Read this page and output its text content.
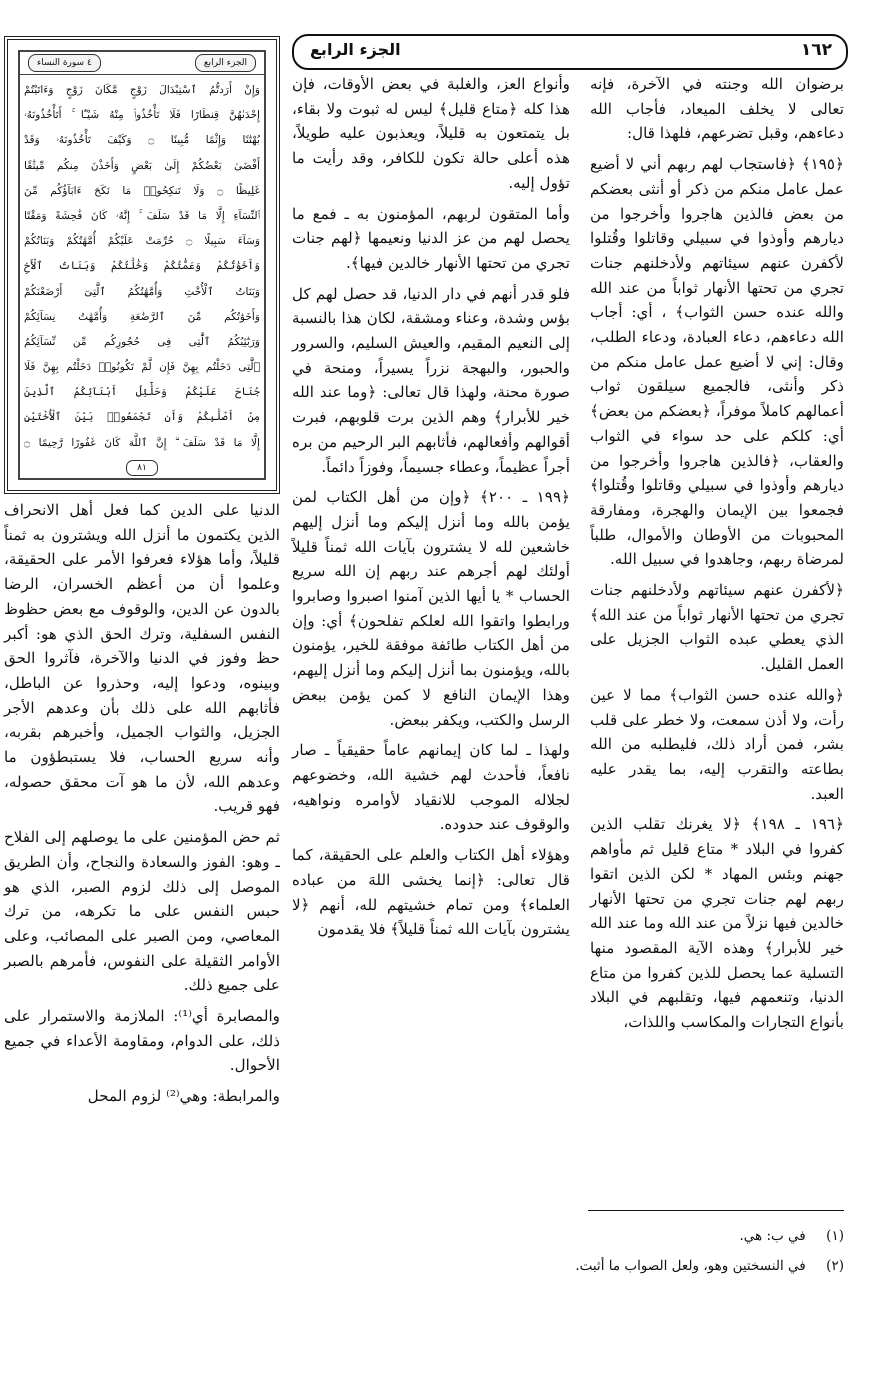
١٦٢
الجزء الرابع
الجزء الرابع
٤ سورة النساء
وَإِنْ أَرَدتُّمُ ٱسْتِبْدَالَ زَوْجٍ مَّكَانَ زَوْجٍ وَءَاتَيْتُمْ
إِحْدَىٰهُنَّ قِنطَارًا فَلَا تَأْخُذُوا۟ مِنْهُ شَيْـًٔا ۚ أَتَأْخُذُونَهُۥ
بُهْتَٰنًا وَإِثْمًا مُّبِينًا ۝ وَكَيْفَ تَأْخُذُونَهُۥ وَقَدْ
أَفْضَىٰ بَعْضُكُمْ إِلَىٰ بَعْضٍ وَأَخَذْنَ مِنكُم مِّيثَٰقًا
غَلِيظًا ۝ وَلَا تَنكِحُوا۟ مَا نَكَحَ ءَابَآؤُكُم مِّنَ
ٱلنِّسَآءِ إِلَّا مَا قَدْ سَلَفَ ۚ إِنَّهُۥ كَانَ فَٰحِشَةً وَمَقْتًا
وَسَآءَ سَبِيلًا ۝ حُرِّمَتْ عَلَيْكُمْ أُمَّهَٰتُكُمْ وَبَنَاتُكُمْ
وَأَخَوَٰتُكُمْ وَعَمَّٰتُكُمْ وَخَٰلَٰتُكُمْ وَبَنَاتُ ٱلْأَخِ
وَبَنَاتُ ٱلْأُخْتِ وَأُمَّهَٰتُكُمُ ٱلَّٰتِىٓ أَرْضَعْنَكُمْ
وَأَخَوَٰتُكُم مِّنَ ٱلرَّضَٰعَةِ وَأُمَّهَٰتُ نِسَآئِكُمْ
وَرَبَٰٓئِبُكُمُ ٱلَّٰتِى فِى حُجُورِكُم مِّن نِّسَآئِكُمُ
ٱلَّٰتِى دَخَلْتُم بِهِنَّ فَإِن لَّمْ تَكُونُوا۟ دَخَلْتُم بِهِنَّ فَلَا
جُنَاحَ عَلَيْكُمْ وَحَلَٰٓئِلُ أَبْنَآئِكُمُ ٱلَّذِينَ
مِنْ أَصْلَٰبِكُمْ وَأَن تَجْمَعُوا۟ بَيْنَ ٱلْأُخْتَيْنِ
إِلَّا مَا قَدْ سَلَفَ ۗ إِنَّ ٱللَّهَ كَانَ غَفُورًا رَّحِيمًا ۝
٨١

برضوان الله وجنته في الآخرة، فإنه تعالى لا يخلف الميعاد، فأجاب الله دعاءهم، وقبل تضرعهم، فلهذا قال:

﴿١٩٥﴾ ﴿فاستجاب لهم ربهم أني لا أضيع عمل عامل منكم من ذكر أو أنثى بعضكم من بعض فالذين هاجروا وأخرجوا من ديارهم وأوذوا في سبيلي وقاتلوا وقُتلوا لأكفرن عنهم سيئاتهم ولأدخلنهم جنات تجري من تحتها الأنهار ثواباً من عند الله والله عنده حسن الثواب﴾ ، أي: أجاب الله دعاءهم، دعاء العبادة، ودعاء الطلب، وقال: إني لا أضيع عمل عامل منكم من ذكر وأنثى، فالجميع سيلقون ثواب أعمالهم كاملاً موفراً، ﴿بعضكم من بعض﴾ أي: كلكم على حد سواء في الثواب والعقاب، ﴿فالذين هاجروا وأخرجوا من ديارهم وأوذوا في سبيلي وقاتلوا وقُتلوا﴾ فجمعوا بين الإيمان والهجرة، ومفارقة المحبوبات من الأوطان والأموال، طلباً لمرضاة ربهم، وجاهدوا في سبيل الله.

﴿لأكفرن عنهم سيئاتهم ولأدخلنهم جنات تجري من تحتها الأنهار ثواباً من عند الله﴾ الذي يعطي عبده الثواب الجزيل على العمل القليل.

﴿والله عنده حسن الثواب﴾ مما لا عين رأت، ولا أذن سمعت، ولا خطر على قلب بشر، فمن أراد ذلك، فليطلبه من الله بطاعته والتقرب إليه، بما يقدر عليه العبد.

﴿١٩٦ ـ ١٩٨﴾ ﴿لا يغرنك تقلب الذين كفروا في البلاد * متاع قليل ثم مأواهم جهنم وبئس المهاد * لكن الذين اتقوا ربهم لهم جنات تجري من تحتها الأنهار خالدين فيها نزلاً من عند الله وما عند الله خير للأبرار﴾ وهذه الآية المقصود منها التسلية عما يحصل للذين كفروا من متاع الدنيا، وتنعمهم فيها، وتقلبهم في البلاد بأنواع التجارات والمكاسب واللذات،

وأنواع العز، والغلبة في بعض الأوقات، فإن هذا كله ﴿متاع قليل﴾ ليس له ثبوت ولا بقاء، بل يتمتعون به قليلاً، ويعذبون عليه طويلاً، هذه أعلى حالة تكون للكافر، وقد رأيت ما تؤول إليه.

وأما المتقون لربهم، المؤمنون به ـ فمع ما يحصل لهم من عز الدنيا ونعيمها ﴿لهم جنات تجري من تحتها الأنهار خالدين فيها﴾.

فلو قدر أنهم في دار الدنيا، قد حصل لهم كل بؤس وشدة، وعناء ومشقة، لكان هذا بالنسبة إلى النعيم المقيم، والعيش السليم، والسرور والحبور، والبهجة نزراً يسيراً، ومنحة في صورة محنة، ولهذا قال تعالى: ﴿وما عند الله خير للأبرار﴾ وهم الذين برت قلوبهم، فبرت أقوالهم وأفعالهم، فأثابهم البر الرحيم من بره أجراً عظيماً، وعطاء جسيماً، وفوزاً دائماً.

﴿١٩٩ ـ ٢٠٠﴾ ﴿وإن من أهل الكتاب لمن يؤمن بالله وما أنزل إليكم وما أنزل إليهم خاشعين لله لا يشترون بآيات الله ثمناً قليلاً أولئك لهم أجرهم عند ربهم إن الله سريع الحساب * يا أيها الذين آمنوا اصبروا وصابروا ورابطوا واتقوا الله لعلكم تفلحون﴾ أي: وإن من أهل الكتاب طائفة موفقة للخير، يؤمنون بالله، ويؤمنون بما أنزل إليكم وما أنزل إليهم، وهذا الإيمان النافع لا كمن يؤمن ببعض الرسل والكتب، ويكفر ببعض.

ولهذا ـ لما كان إيمانهم عاماً حقيقياً ـ صار نافعاً، فأحدث لهم خشية الله، وخضوعهم لجلاله الموجب للانقياد لأوامره ونواهيه، والوقوف عند حدوده.

وهؤلاء أهل الكتاب والعلم على الحقيقة، كما قال تعالى: ﴿إنما يخشى اللهَ من عباده العلماء﴾ ومن تمام خشيتهم لله، أنهم ﴿لا يشترون بآيات الله ثمناً قليلاً﴾ فلا يقدمون

الدنيا على الدين كما فعل أهل الانحراف الذين يكتمون ما أنزل الله ويشترون به ثمناً قليلاً، وأما هؤلاء فعرفوا الأمر على الحقيقة، وعلموا أن من أعظم الخسران، الرضا بالدون عن الدين، والوقوف مع بعض حظوظ النفس السفلية، وترك الحق الذي هو: أكبر حظ وفوز في الدنيا والآخرة، فآثروا الحق وبينوه، ودعوا إليه، وحذروا عن الباطل، فأثابهم الله على ذلك بأن وعدهم الأجر الجزيل، والثواب الجميل، وأخبرهم بقربه، وأنه سريع الحساب، فلا يستبطؤون ما وعدهم الله، لأن ما هو آت محقق حصوله، فهو قريب.

ثم حض المؤمنين على ما يوصلهم إلى الفلاح ـ وهو: الفوز والسعادة والنجاح، وأن الطريق الموصل إلى ذلك لزوم الصبر، الذي هو حبس النفس على ما تكرهه، من ترك المعاصي، ومن الصبر على المصائب، وعلى الأوامر الثقيلة على النفوس، فأمرهم بالصبر على جميع ذلك.

والمصابرة أي⁽¹⁾: الملازمة والاستمرار على ذلك، على الدوام، ومقاومة الأعداء في جميع الأحوال.

والمرابطة: وهي⁽²⁾ لزوم المحل

(١) في ب: هي.
(٢) في النسختين وهو، ولعل الصواب ما أثبت.
